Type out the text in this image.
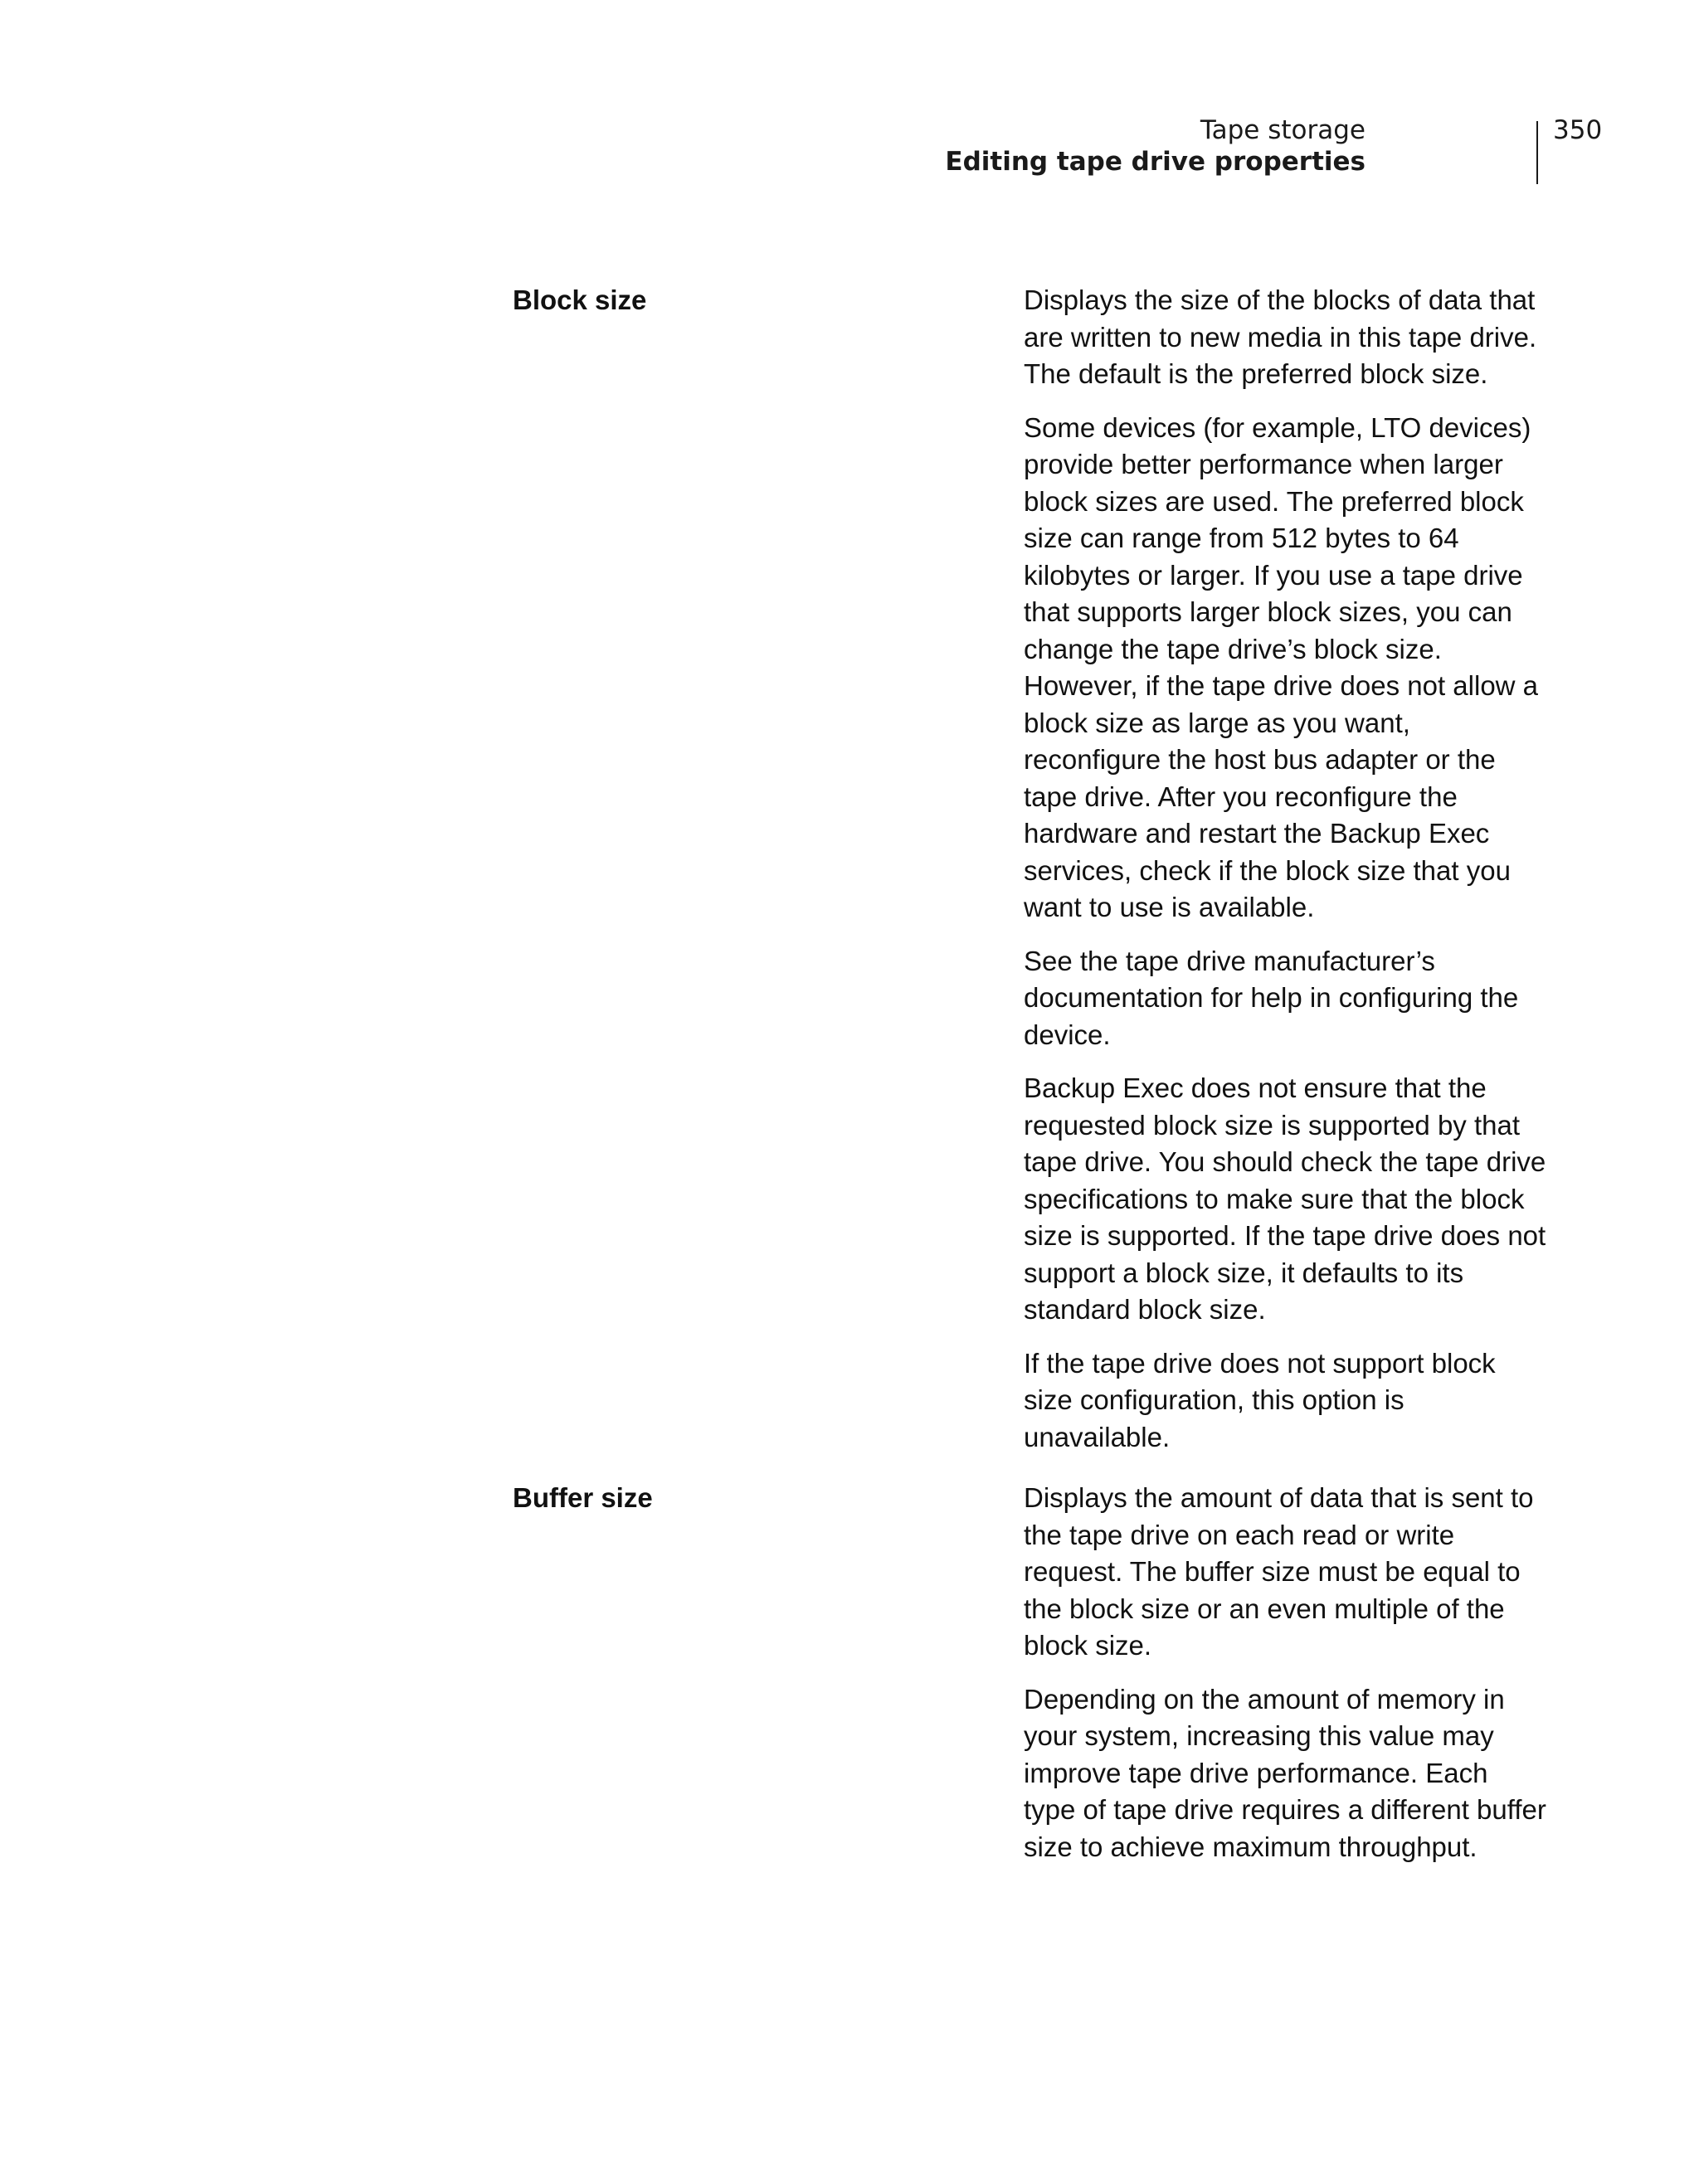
Tape storage
Editing tape drive properties
350
Block size	Displays the size of the blocks of data that are written to new media in this tape drive. The default is the preferred block size.

Some devices (for example, LTO devices) provide better performance when larger block sizes are used. The preferred block size can range from 512 bytes to 64 kilobytes or larger. If you use a tape drive that supports larger block sizes, you can change the tape drive’s block size. However, if the tape drive does not allow a block size as large as you want, reconfigure the host bus adapter or the tape drive. After you reconfigure the hardware and restart the Backup Exec services, check if the block size that you want to use is available.

See the tape drive manufacturer’s documentation for help in configuring the device.

Backup Exec does not ensure that the requested block size is supported by that tape drive. You should check the tape drive specifications to make sure that the block size is supported. If the tape drive does not support a block size, it defaults to its standard block size.

If the tape drive does not support block size configuration, this option is unavailable.

Buffer size	Displays the amount of data that is sent to the tape drive on each read or write request. The buffer size must be equal to the block size or an even multiple of the block size.

Depending on the amount of memory in your system, increasing this value may improve tape drive performance. Each type of tape drive requires a different buffer size to achieve maximum throughput.
